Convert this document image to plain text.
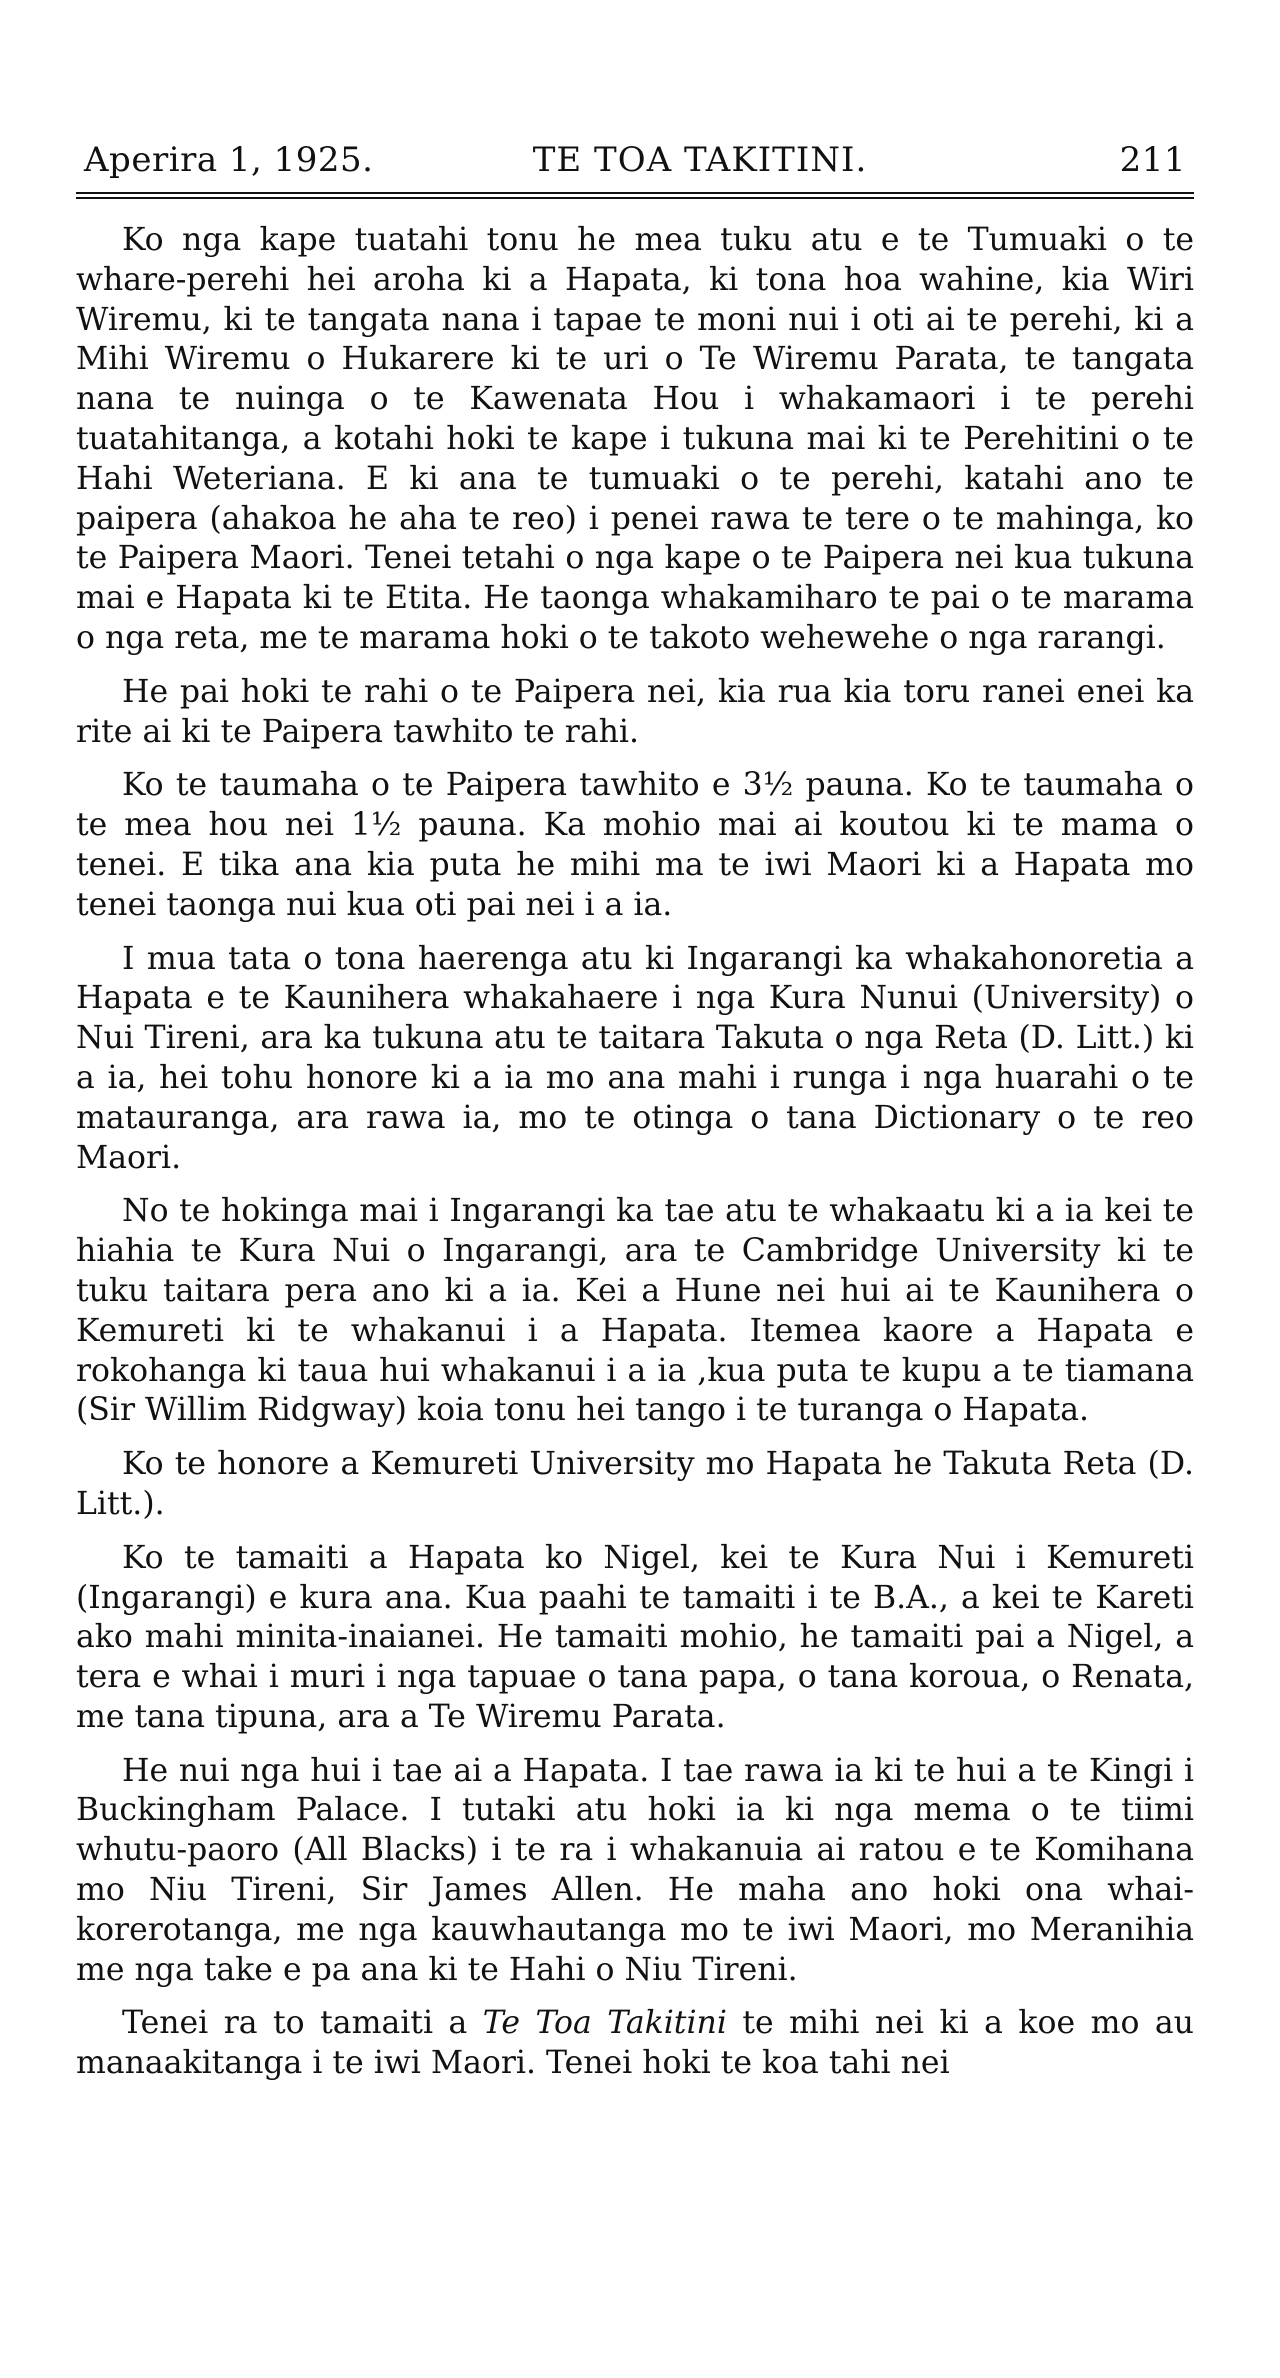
Aperira 1, 1925.	TE TOA TAKITINI.	211

Ko nga kape tuatahi tonu he mea tuku atu e te Tumuaki o te whare-perehi hei aroha ki a Hapata, ki tona hoa wahine, kia Wiri Wiremu, ki te tangata nana i tapae te moni nui i oti ai te perehi, ki a Mihi Wiremu o Hukarere ki te uri o Te Wiremu Parata, te tangata nana te nuinga o te Kawenata Hou i whakamaori i te perehi tuatahitanga, a kotahi hoki te kape i tukuna mai ki te Perehitini o te Hahi Weteriana. E ki ana te tumuaki o te perehi, katahi ano te paipera (ahakoa he aha te reo) i penei rawa te tere o te mahinga, ko te Paipera Maori. Tenei tetahi o nga kape o te Paipera nei kua tukuna mai e Hapata ki te Etita. He taonga whakamiharo te pai o te marama o nga reta, me te marama hoki o te takoto wehewehe o nga rarangi.

He pai hoki te rahi o te Paipera nei, kia rua kia toru ranei enei ka rite ai ki te Paipera tawhito te rahi.

Ko te taumaha o te Paipera tawhito e 3½ pauna. Ko te taumaha o te mea hou nei 1½ pauna. Ka mohio mai ai koutou ki te mama o tenei. E tika ana kia puta he mihi ma te iwi Maori ki a Hapata mo tenei taonga nui kua oti pai nei i a ia.

I mua tata o tona haerenga atu ki Ingarangi ka whakahonoretia a Hapata e te Kaunihera whakahaere i nga Kura Nunui (University) o Nui Tireni, ara ka tukuna atu te taitara Takuta o nga Reta (D. Litt.) ki a ia, hei tohu honore ki a ia mo ana mahi i runga i nga huarahi o te matauranga, ara rawa ia, mo te otinga o tana Dictionary o te reo Maori.

No te hokinga mai i Ingarangi ka tae atu te whakaatu ki a ia kei te hiahia te Kura Nui o Ingarangi, ara te Cambridge University ki te tuku taitara pera ano ki a ia. Kei a Hune nei hui ai te Kaunihera o Kemureti ki te whakanui i a Hapata. Itemea kaore a Hapata e rokohanga ki taua hui whakanui i a ia ,kua puta te kupu a te tiamana (Sir Willim Ridgway) koia tonu hei tango i te turanga o Hapata.

Ko te honore a Kemureti University mo Hapata he Takuta Reta (D. Litt.).

Ko te tamaiti a Hapata ko Nigel, kei te Kura Nui i Kemureti (Ingarangi) e kura ana. Kua paahi te tamaiti i te B.A., a kei te Kareti ako mahi minita-inaianei. He tamaiti mohio, he tamaiti pai a Nigel, a tera e whai i muri i nga tapuae o tana papa, o tana koroua, o Renata, me tana tipuna, ara a Te Wiremu Parata.

He nui nga hui i tae ai a Hapata. I tae rawa ia ki te hui a te Kingi i Buckingham Palace. I tutaki atu hoki ia ki nga mema o te tiimi whutu-paoro (All Blacks) i te ra i whakanuia ai ratou e te Komihana mo Niu Tireni, Sir James Allen. He maha ano hoki ona whai-korerotanga, me nga kauwhautanga mo te iwi Maori, mo Meranihia me nga take e pa ana ki te Hahi o Niu Tireni.

Tenei ra to tamaiti a Te Toa Takitini te mihi nei ki a koe mo au manaakitanga i te iwi Maori. Tenei hoki te koa tahi nei
